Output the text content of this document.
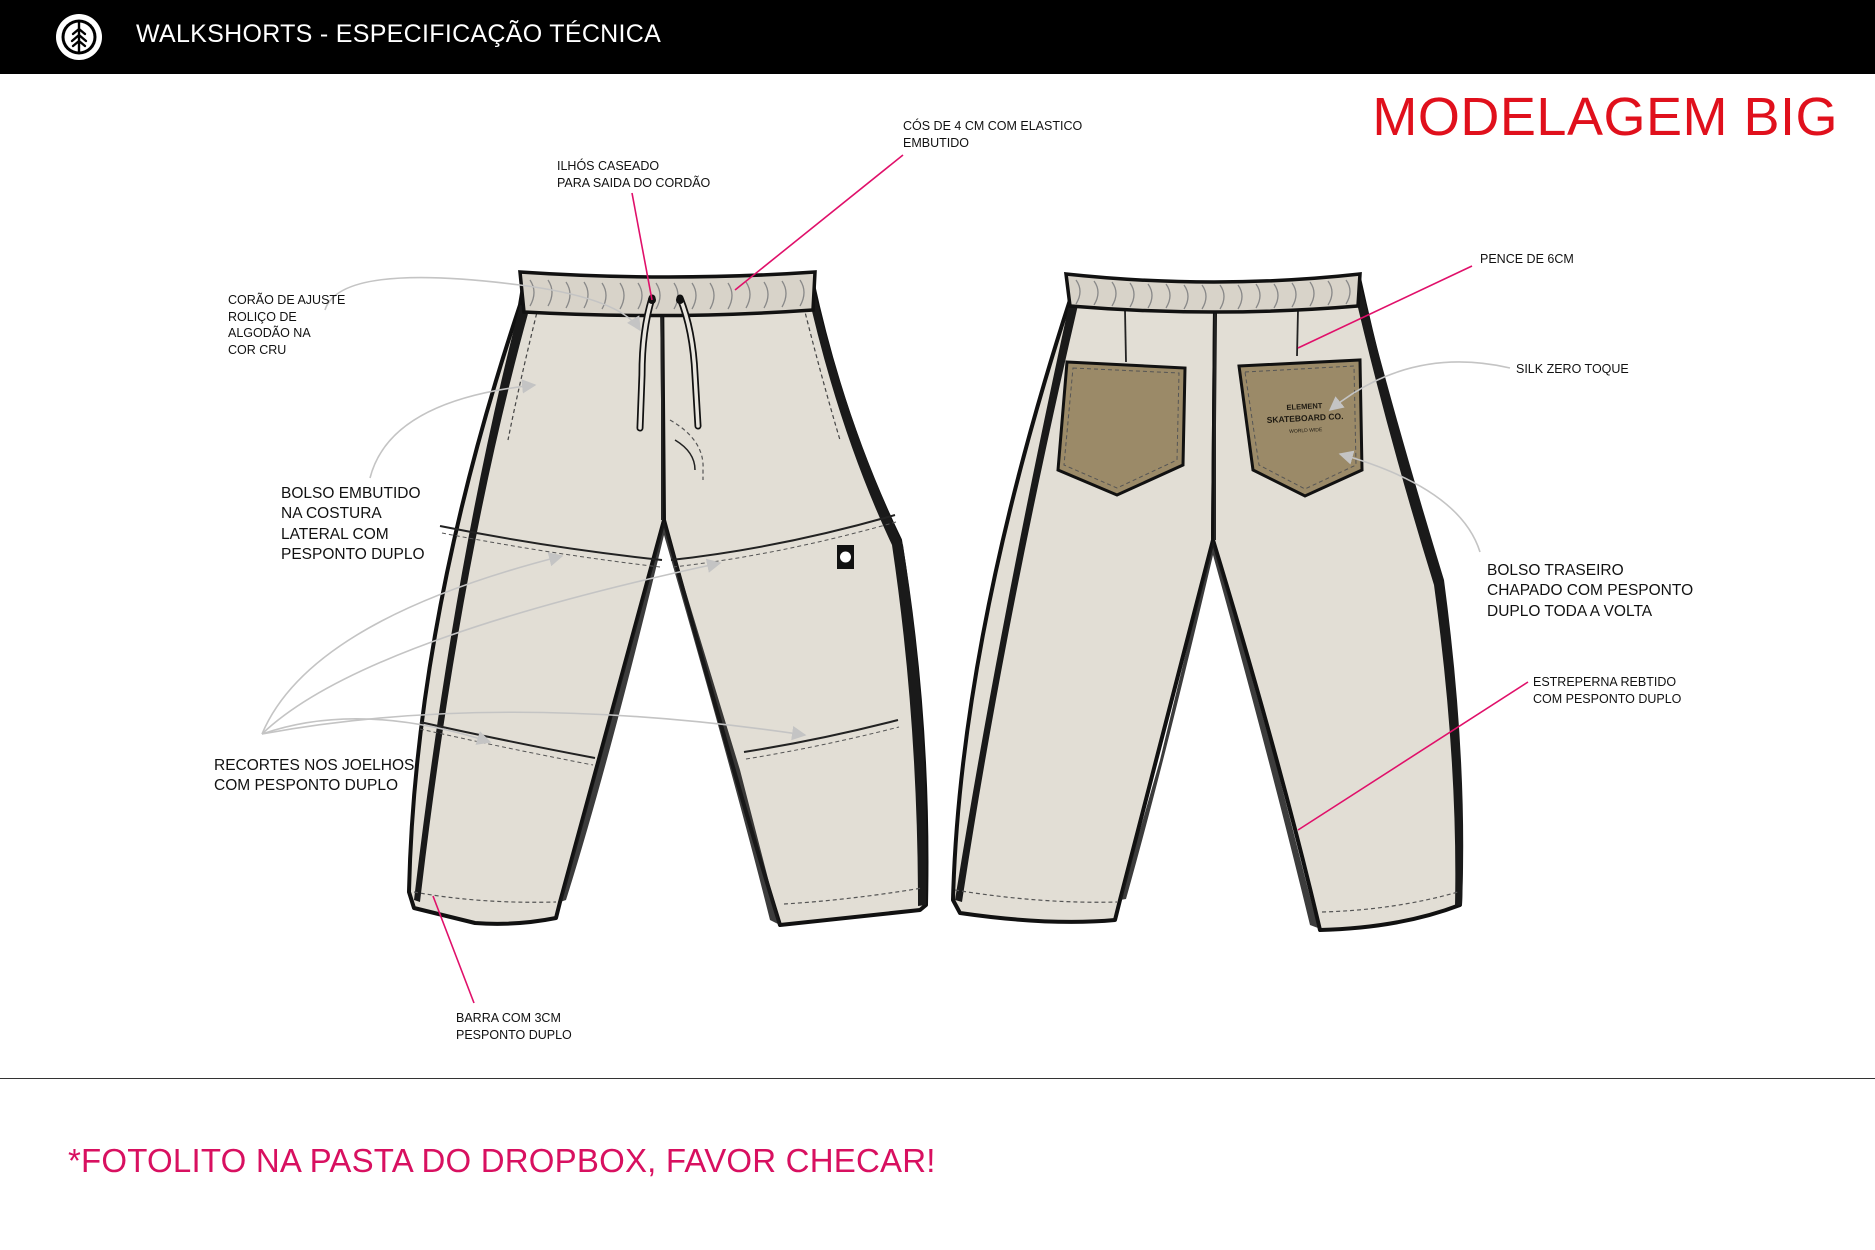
WALKSHORTS - ESPECIFICAÇÃO TÉCNICA
MODELAGEM BIG
ELEMENT
SKATEBOARD CO.
WORLD WIDE
CÓS DE 4 CM COM ELASTICO
EMBUTIDO
ILHÓS CASEADO
PARA SAIDA DO CORDÃO
CORÃO DE AJUSTE
ROLIÇO DE
ALGODÃO NA
COR CRU
BOLSO EMBUTIDO
NA COSTURA
LATERAL COM
PESPONTO DUPLO
RECORTES NOS JOELHOS
COM PESPONTO DUPLO
BARRA COM 3CM
PESPONTO DUPLO
PENCE DE 6CM
SILK ZERO TOQUE
BOLSO TRASEIRO
CHAPADO COM PESPONTO
DUPLO TODA A VOLTA
ESTREPERNA REBTIDO
COM PESPONTO DUPLO
*FOTOLITO NA PASTA DO DROPBOX, FAVOR CHECAR!
